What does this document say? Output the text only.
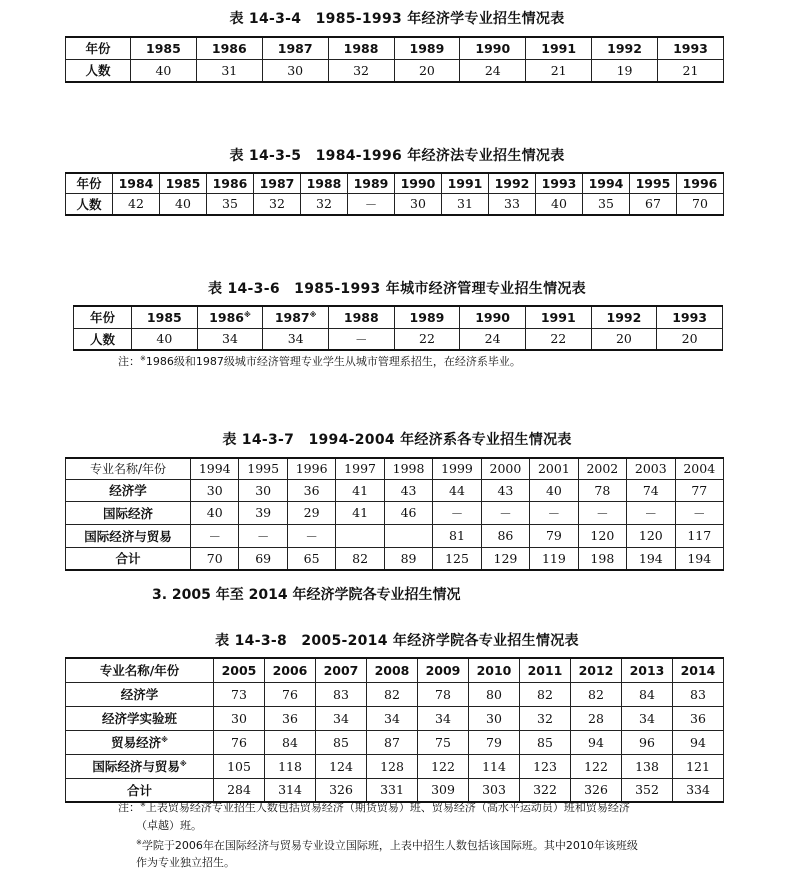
表 14-3-4　1985-1993 年经济学专业招生情况表
年份	1985	1986	1987	1988	1989	1990	1991	1992	1993
人数	40	31	30	32	20	24	21	19	21
表 14-3-5　1984-1996 年经济法专业招生情况表
年份	1984	1985	1986	1987	1988	1989	1990	1991	1992	1993	1994	1995	1996
人数	42	40	35	32	32	－	30	31	33	40	35	67	70
表 14-3-6　1985-1993 年城市经济管理专业招生情况表
年份	1985	1986※	1987※	1988	1989	1990	1991	1992	1993
人数	40	34	34	－	22	24	22	20	20
注：※1986级和1987级城市经济管理专业学生从城市管理系招生，在经济系毕业。
表 14-3-7　1994-2004 年经济系各专业招生情况表
专业名称/年份	1994	1995	1996	1997	1998	1999	2000	2001	2002	2003	2004
经济学	30	30	36	41	43	44	43	40	78	74	77
国际经济	40	39	29	41	46	－	－	－	－	－	－
国际经济与贸易	－	－	－			81	86	79	120	120	117
合计	70	69	65	82	89	125	129	119	198	194	194
3. 2005 年至 2014 年经济学院各专业招生情况
表 14-3-8　2005-2014 年经济学院各专业招生情况表
专业名称/年份	2005	2006	2007	2008	2009	2010	2011	2012	2013	2014
经济学	73	76	83	82	78	80	82	82	84	83
经济学实验班	30	36	34	34	34	30	32	28	34	36
贸易经济※	76	84	85	87	75	79	85	94	96	94
国际经济与贸易※	105	118	124	128	122	114	123	122	138	121
合计	284	314	326	331	309	303	322	326	352	334
注：※上表贸易经济专业招生人数包括贸易经济（期货贸易）班、贸易经济（高水平运动员）班和贸易经济
（卓越）班。
※学院于2006年在国际经济与贸易专业设立国际班，上表中招生人数包括该国际班。其中2010年该班级
作为专业独立招生。
